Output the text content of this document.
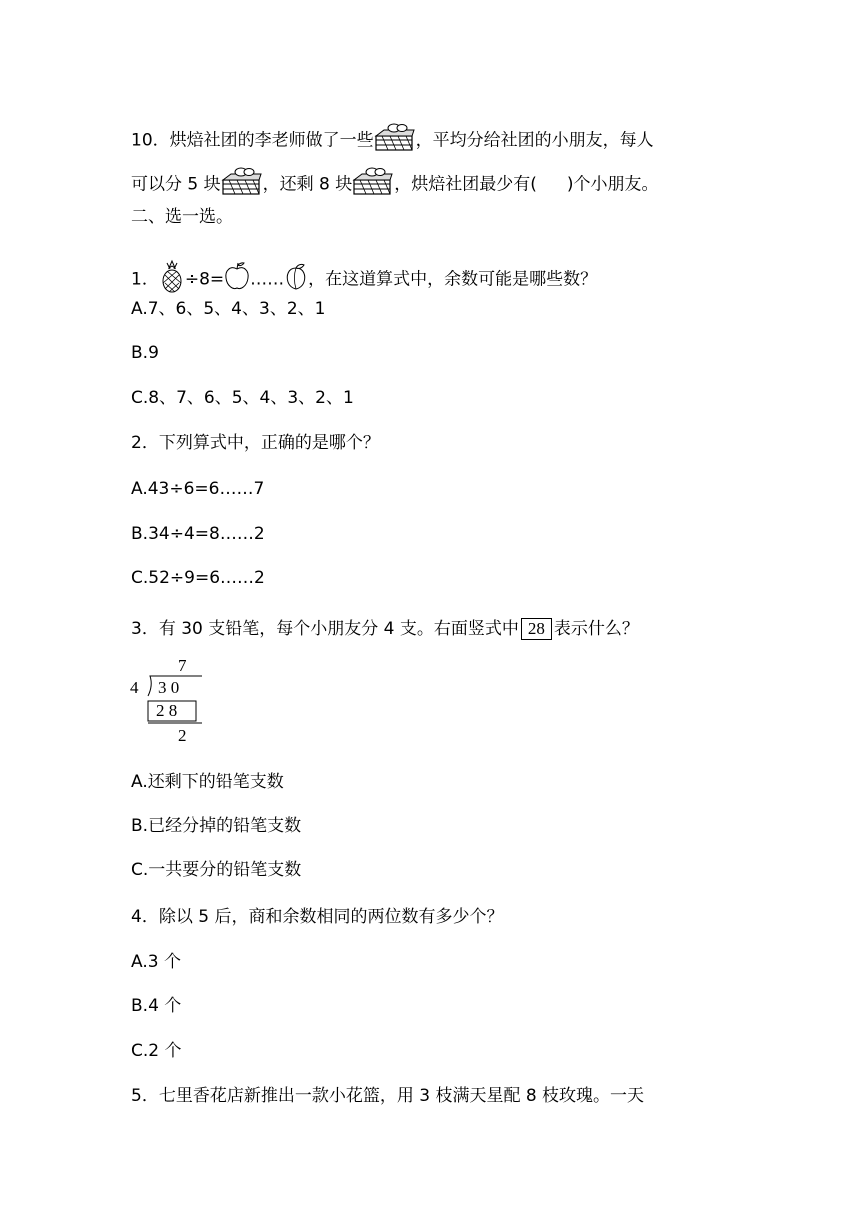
10．烘焙社团的李老师做了一些 ，平均分给社团的小朋友，每人
可以分 5 块 ，还剩 8 块 ，烘焙社团最少有( )个小朋友。
二、选一选。
1． ÷8= …… ，在这道算式中，余数可能是哪些数？
A.7、6、5、4、3、2、1
B.9
C.8、7、6、5、4、3、2、1
2．下列算式中，正确的是哪个？
A.43÷6=6……7
B.34÷4=8……2
C.52÷9=6……2
3．有 30 支铅笔，每个小朋友分 4 支。右面竖式中 28 表示什么？
7
4 3 0
2 8
2
A.还剩下的铅笔支数
B.已经分掉的铅笔支数
C.一共要分的铅笔支数
4．除以 5 后，商和余数相同的两位数有多少个？
A.3 个
B.4 个
C.2 个
5．七里香花店新推出一款小花篮，用 3 枝满天星配 8 枝玫瑰。一天
